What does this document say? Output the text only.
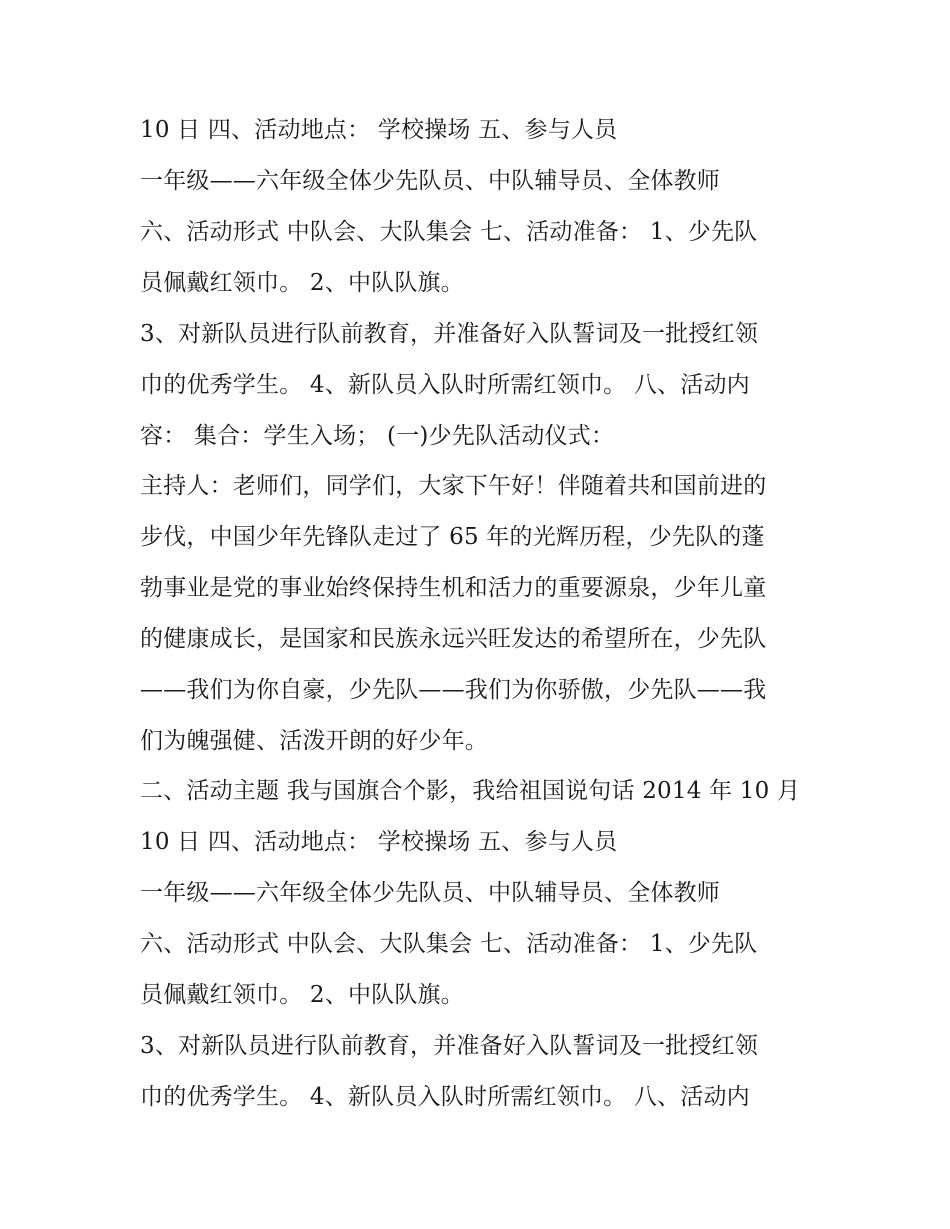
10 日 四、活动地点： 学校操场 五、参与人员
一年级——六年级全体少先队员、中队辅导员、全体教师
六、活动形式 中队会、大队集会 七、活动准备： 1、少先队
员佩戴红领巾。 2、中队队旗。
3、对新队员进行队前教育，并准备好入队誓词及一批授红领
巾的优秀学生。 4、新队员入队时所需红领巾。 八、活动内
容： 集合：学生入场； (一)少先队活动仪式：
主持人：老师们，同学们，大家下午好！伴随着共和国前进的
步伐，中国少年先锋队走过了 65 年的光辉历程，少先队的蓬
勃事业是党的事业始终保持生机和活力的重要源泉，少年儿童
的健康成长，是国家和民族永远兴旺发达的希望所在，少先队
——我们为你自豪，少先队——我们为你骄傲，少先队——我
们为魄强健、活泼开朗的好少年。
二、活动主题 我与国旗合个影，我给祖国说句话 2014 年 10 月
10 日 四、活动地点： 学校操场 五、参与人员
一年级——六年级全体少先队员、中队辅导员、全体教师
六、活动形式 中队会、大队集会 七、活动准备： 1、少先队
员佩戴红领巾。 2、中队队旗。
3、对新队员进行队前教育，并准备好入队誓词及一批授红领
巾的优秀学生。 4、新队员入队时所需红领巾。 八、活动内
